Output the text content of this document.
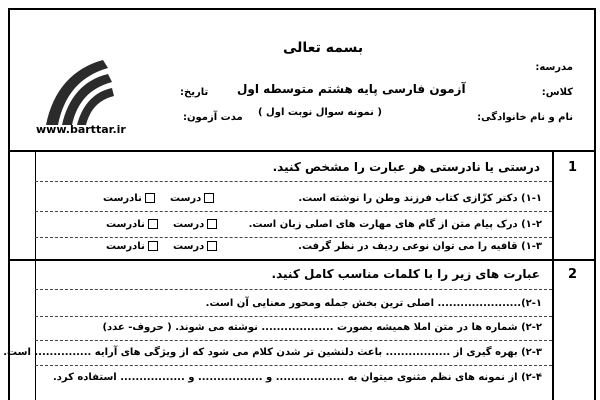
www.barttar.ir
بسمه تعالی
مدرسه:
آزمون فارسی پایه هشتم متوسطه اول	کلاس:
تاریخ:
( نمونه سوال نوبت اول )	نام و نام خانوادگی:
مدت آزمون:
1
درستی یا نادرستی هر عبارت را مشخص کنید.
۱-۱) دکتر کزّازی کتاب فرزند وطن را نوشته است.
درست
نادرست
۱-۲) درک پیام متن از گام های مهارت های اصلی زبان است.
درست
نادرست
۱-۳) قافیه را می توان نوعی ردیف در نظر گرفت.
درست
نادرست
2
عبارت های زیر را با کلمات مناسب کامل کنید.
۲-۱)...................... اصلی ترین بخش جمله ومحور معنایی آن است.
۲-۲) شماره ها در متن املا همیشه بصورت ................... نوشته می شوند. ( حروف- عدد)
۲-۳) بهره گیری از ................. باعث دلنشین تر شدن کلام می شود که از ویژگی های آرایه ............... است.
۲-۴) از نمونه های نظم مثنوی میتوان به .................. و ................. و ................. استفاده کرد.
